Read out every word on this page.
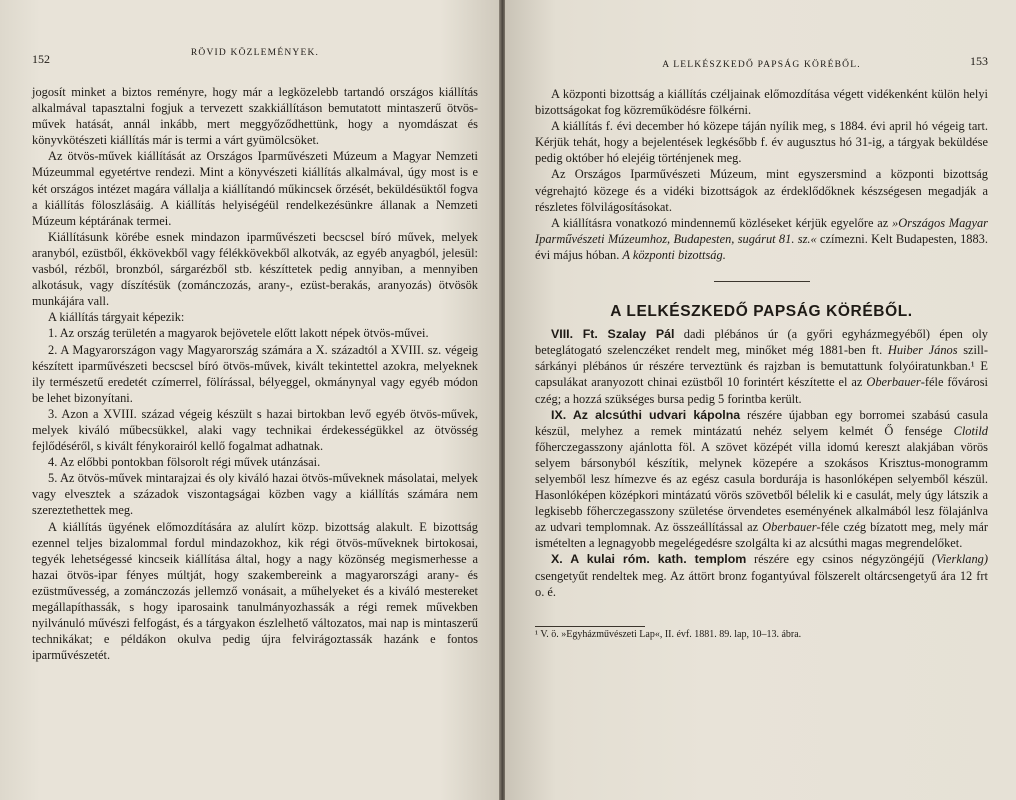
152	RÖVID KÖZLEMÉNYEK.

jogosít minket a biztos reményre, hogy már a legközelebb tartandó országos kiállítás alkalmával tapasztalni fogjuk a tervezett szakkiállításon bemutatott mintaszerű ötvös-művek hatását, annál inkább, mert meggyőződhettünk, hogy a nyomdászat és könyvkötészeti kiállítás már is termi a várt gyümölcsöket.

Az ötvös-művek kiállítását az Országos Iparművészeti Múzeum a Magyar Nemzeti Múzeummal egyetértve rendezi. Mint a könyvészeti kiállítás alkalmával, úgy most is e két országos intézet magára vállalja a kiállítandó műkincsek őrzését, beküldésüktől fogva a kiállítás föloszlásáig. A kiállítás helyiségéül rendelkezésünkre állanak a Nemzeti Múzeum képtárának termei.

Kiállításunk körébe esnek mindazon iparművészeti becscsel bíró művek, melyek aranyból, ezüstből, ékkövekből vagy félékkövekből alkotvák, az egyéb anyagból, jelesül: vasból, rézből, bronzból, sárgarézből stb. készíttetek pedig annyiban, a mennyiben alkotásuk, vagy díszítésük (zománczozás, arany-, ezüst-berakás, aranyozás) ötvösök munkájára vall.

A kiállítás tárgyait képezik:

1. Az ország területén a magyarok bejövetele előtt lakott népek ötvös-művei.

2. A Magyarországon vagy Magyarország számára a X. századtól a XVIII. sz. végeig készített iparművészeti becscsel bíró ötvös-művek, kivált tekintettel azokra, melyeknek ily természetű eredetét czímerrel, fölírással, bélyeggel, okmánynyal vagy egyéb módon be lehet bizonyítani.

3. Azon a XVIII. század végeig készült s hazai birtokban levő egyéb ötvös-művek, melyek kiváló műbecsükkel, alaki vagy technikai érdekességükkel az ötvösség fejlődéséről, s kivált fénykorairól kellő fogalmat adhatnak.

4. Az előbbi pontokban fölsorolt régi művek utánzásai.

5. Az ötvös-művek mintarajzai és oly kiváló hazai ötvös-műveknek másolatai, melyek vagy elvesztek a századok viszontagságai közben vagy a kiállítás számára nem szereztethettek meg.

A kiállítás ügyének előmozdítására az alulírt közp. bizottság alakult. E bizottság ezennel teljes bizalommal fordul mindazokhoz, kik régi ötvös-műveknek birtokosai, tegyék lehetségessé kincseik kiállítása által, hogy a nagy közönség megismerhesse a hazai ötvös-ipar fényes múltját, hogy szakembereink a magyarországi arany- és ezüstművesség, a zománczozás jellemző vonásait, a műhelyeket és a kiváló mestereket megállapíthassák, s hogy iparosaink tanulmányozhassák a régi remek művekben nyilvánuló művészi felfogást, és a tárgyakon észlelhető változatos, mai nap is mintaszerű technikákat; e példákon okulva pedig újra felvirágoztassák hazánk e fontos iparművészetét.

A LELKÉSZKEDŐ PAPSÁG KÖRÉBŐL.	153

A központi bizottság a kiállítás czéljainak előmozdítása végett vidékenként külön helyi bizottságokat fog közreműködésre fölkérni.

A kiállítás f. évi december hó közepe táján nyílik meg, s 1884. évi april hó végeig tart. Kérjük tehát, hogy a bejelentések legkésőbb f. év augusztus hó 31-ig, a tárgyak beküldése pedig október hó elejéig történjenek meg.

Az Országos Iparművészeti Múzeum, mint egyszersmind a központi bizottság végrehajtó közege és a vidéki bizottságok az érdeklődőknek készségesen megadják a részletes fölvilágosításokat.

A kiállításra vonatkozó mindennemű közléseket kérjük egyelőre az »Országos Magyar Iparművészeti Múzeumhoz, Budapesten, sugárut 81. sz.« czímezni. Kelt Budapesten, 1883. évi május hóban. A központi bizottság.

A LELKÉSZKEDŐ PAPSÁG KÖRÉBŐL.

VIII. Ft. Szalay Pál dadi plébános úr (a győri egyházmegyéből) épen oly beteglátogató szelenczéket rendelt meg, minőket még 1881-ben ft. Huiber János szill-sárkányi plébános úr részére terveztünk és rajzban is bemutattunk folyóiratunkban.¹ E capsulákat aranyozott chinai ezüstből 10 forintért készítette el az Oberbauer-féle fővárosi czég; a hozzá szükséges bursa pedig 5 forintba került.

IX. Az alcsúthi udvari kápolna részére újabban egy borromei szabású casula készül, melyhez a remek mintázatú nehéz selyem kelmét Ő fensége Clotild főherczegasszony ajánlotta föl. A szövet középét villa idomú kereszt alakjában vörös selyem bársonyból készítik, melynek közepére a szokásos Krisztus-monogramm selyemből lesz hímezve és az egész casula bordurája is hasonlóképen selyemből készül. Hasonlóképen középkori mintázatú vörös szövetből bélelik ki e casulát, mely úgy látszik a legkisebb főherczegasszony születése örvendetes eseményének alkalmából lesz fölajánlva az udvari templomnak. Az összeállítással az Oberbauer-féle czég bízatott meg, mely már ismételten a legnagyobb megelégedésre szolgálta ki az alcsúthi magas megrendelőket.

X. A kulai róm. kath. templom részére egy csinos négyzöngéjű (Vierklang) csengetyűt rendeltek meg. Az áttört bronz fogantyúval fölszerelt oltárcsengetyű ára 12 frt o. é.

¹ V. ö. »Egyházművészeti Lap«, II. évf. 1881. 89. lap, 10–13. ábra.
